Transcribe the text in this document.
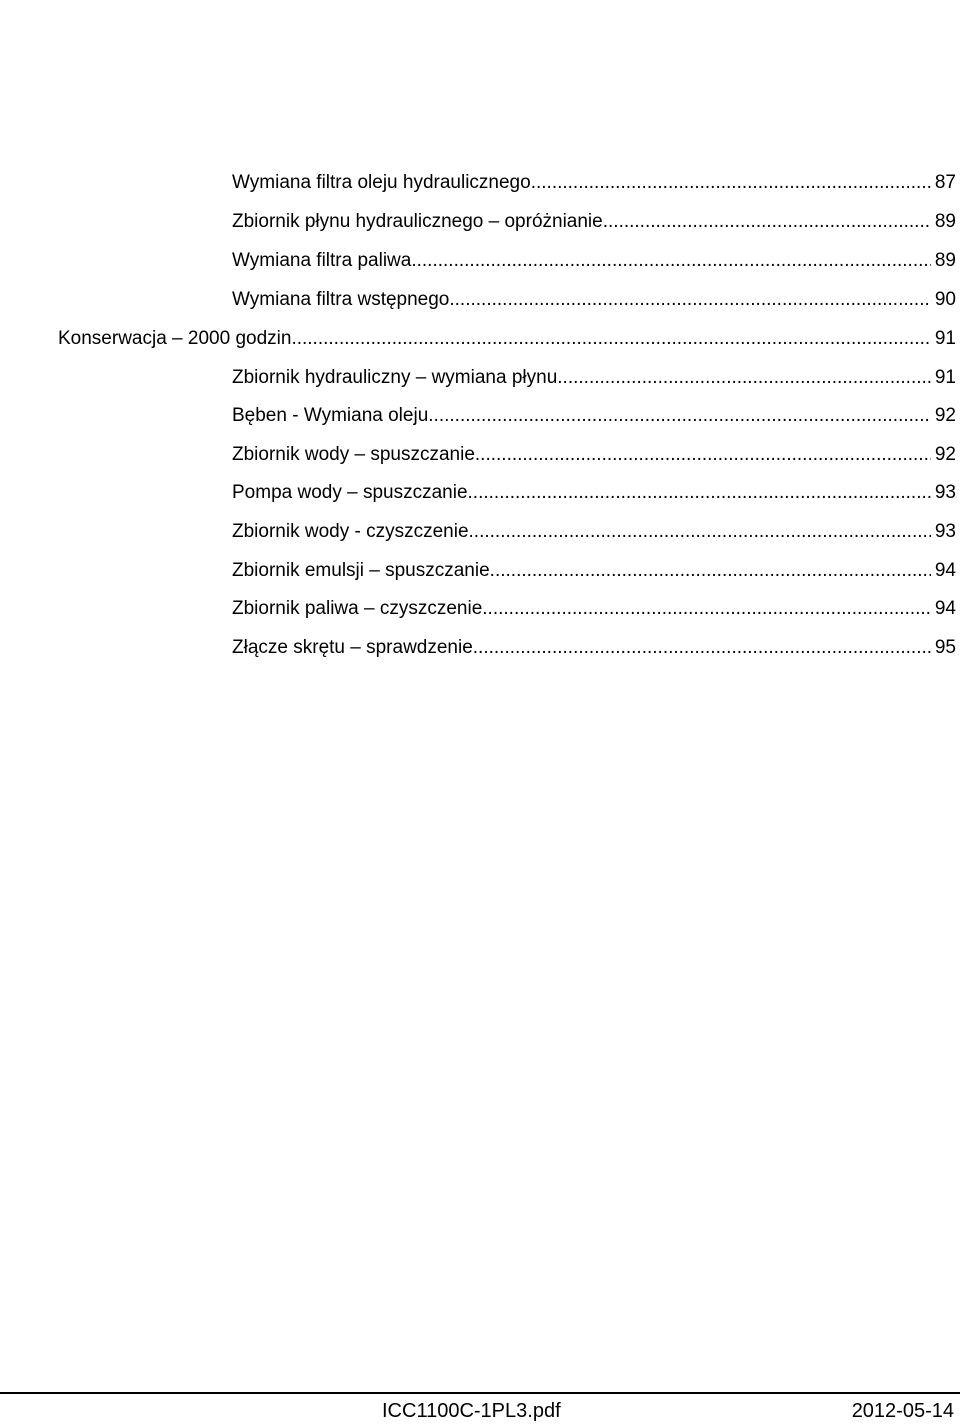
Wymiana filtra oleju hydraulicznego .....	87
Zbiornik płynu hydraulicznego – opróżnianie .....	89
Wymiana filtra paliwa .....	89
Wymiana filtra wstępnego .....	90
Konserwacja – 2000 godzin .....	91
Zbiornik hydrauliczny – wymiana płynu .....	91
Bęben - Wymiana oleju .....	92
Zbiornik wody – spuszczanie .....	92
Pompa wody – spuszczanie .....	93
Zbiornik wody - czyszczenie .....	93
Zbiornik emulsji – spuszczanie .....	94
Zbiornik paliwa – czyszczenie .....	94
Złącze skrętu – sprawdzenie .....	95
ICC1100C-1PL3.pdf	2012-05-14
